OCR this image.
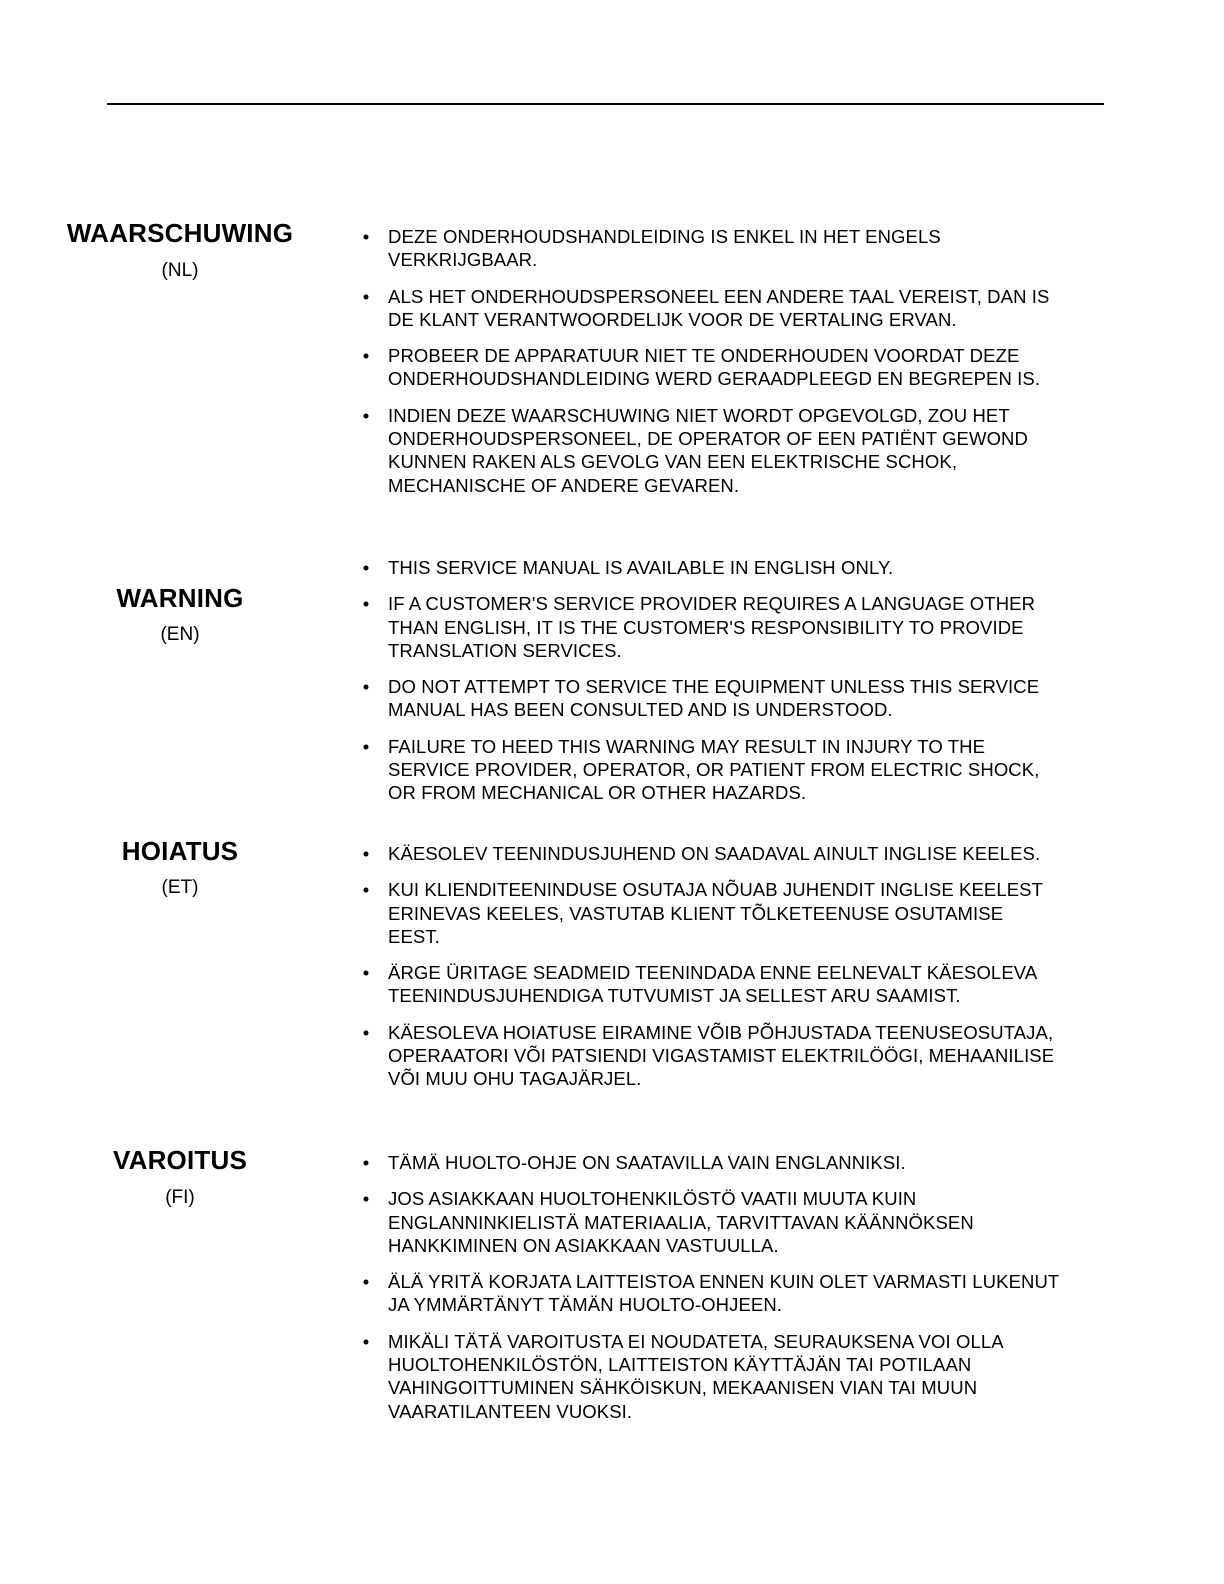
WAARSCHUWING
(NL)
• DEZE ONDERHOUDSHANDLEIDING IS ENKEL IN HET ENGELS VERKRIJGBAAR.
• ALS HET ONDERHOUDSPERSONEEL EEN ANDERE TAAL VEREIST, DAN IS DE KLANT VERANTWOORDELIJK VOOR DE VERTALING ERVAN.
• PROBEER DE APPARATUUR NIET TE ONDERHOUDEN VOORDAT DEZE ONDERHOUDSHANDLEIDING WERD GERAADPLEEGD EN BEGREPEN IS.
• INDIEN DEZE WAARSCHUWING NIET WORDT OPGEVOLGD, ZOU HET ONDERHOUDSPERSONEEL, DE OPERATOR OF EEN PATIËNT GEWOND KUNNEN RAKEN ALS GEVOLG VAN EEN ELEKTRISCHE SCHOK, MECHANISCHE OF ANDERE GEVAREN.
WARNING
(EN)
• THIS SERVICE MANUAL IS AVAILABLE IN ENGLISH ONLY.
• IF A CUSTOMER'S SERVICE PROVIDER REQUIRES A LANGUAGE OTHER THAN ENGLISH, IT IS THE CUSTOMER'S RESPONSIBILITY TO PROVIDE TRANSLATION SERVICES.
• DO NOT ATTEMPT TO SERVICE THE EQUIPMENT UNLESS THIS SERVICE MANUAL HAS BEEN CONSULTED AND IS UNDERSTOOD.
• FAILURE TO HEED THIS WARNING MAY RESULT IN INJURY TO THE SERVICE PROVIDER, OPERATOR, OR PATIENT FROM ELECTRIC SHOCK, OR FROM MECHANICAL OR OTHER HAZARDS.
HOIATUS
(ET)
• KÄESOLEV TEENINDUSJUHEND ON SAADAVAL AINULT INGLISE KEELES.
• KUI KLIENDITEENINDUSE OSUTAJA NÕUAB JUHENDIT INGLISE KEELEST ERINEVAS KEELES, VASTUTAB KLIENT TÕLKETEENUSE OSUTAMISE EEST.
• ÄRGE ÜRITAGE SEADMEID TEENINDADA ENNE EELNEVALT KÄESOLEVA TEENINDUSJUHENDIGA TUTVUMIST JA SELLEST ARU SAAMIST.
• KÄESOLEVA HOIATUSE EIRAMINE VÕIB PÕHJUSTADA TEENUSEOSUTAJA, OPERAATORI VÕI PATSIENDI VIGASTAMIST ELEKTRILÖÖGI, MEHAANILISE VÕI MUU OHU TAGAJÄRJEL.
VAROITUS
(FI)
• TÄMÄ HUOLTO-OHJE ON SAATAVILLA VAIN ENGLANNIKSI.
• JOS ASIAKKAAN HUOLTOHENKILÖSTÖ VAATII MUUTA KUIN ENGLANNINKIELISTÄ MATERIAALIA, TARVITTAVAN KÄÄNNÖKSEN HANKKIMINEN ON ASIAKKAAN VASTUULLA.
• ÄLÄ YRITÄ KORJATA LAITTEISTOA ENNEN KUIN OLET VARMASTI LUKENUT JA YMMÄRTÄNYT TÄMÄN HUOLTO-OHJEEN.
• MIKÄLI TÄTÄ VAROITUSTA EI NOUDATETA, SEURAUKSENA VOI OLLA HUOLTOHENKILÖSTÖN, LAITTEISTON KÄYTTÄJÄN TAI POTILAAN VAHINGOITTUMINEN SÄHKÖISKUN, MEKAANISEN VIAN TAI MUUN VAARATILANTEEN VUOKSI.
